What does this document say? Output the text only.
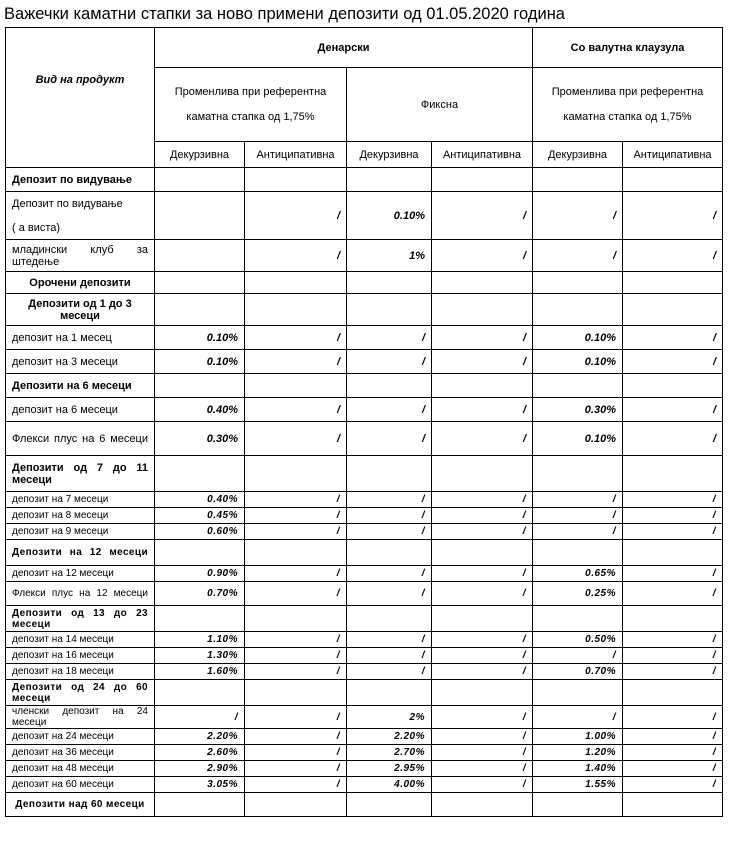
Важечки каматни стапки за ново примени депозити од 01.05.2020 година
Вид на продукт	Денарски				Со валутна клаузула	
	Променлива при референтна каматна стапка од 1,75%		Фиксна		Променлива при референтна каматна стапка од 1,75%	
	Декурзивна	Антиципативна	Декурзивна	Антиципативна	Декурзивна	Антиципативна
Депозит по видување						
Депозит по видување

( а виста)		/	0.10%	/	/	/
младински клуб за штедење		/	1%	/	/	/
Орочени депозити						
Депозити од 1 до 3 месеци						
депозит на 1 месец	0.10%	/	/	/	0.10%	/
депозит на 3 месеци	0.10%	/	/	/	0.10%	/
Депозити на 6 месеци						
депозит на 6 месеци	0.40%	/	/	/	0.30%	/
Флекси плус на 6 месеци	0.30%	/	/	/	0.10%	/
Депозити од 7 до 11 месеци						
депозит на 7 месеци	0.40%	/	/	/	/	/
депозит на 8 месеци	0.45%	/	/	/	/	/
депозит на 9 месеци	0.60%	/	/	/	/	/
Депозити на 12 месеци						
депозит на 12 месеци	0.90%	/	/	/	0.65%	/
Флекси плус на 12 месеци	0.70%	/	/	/	0.25%	/
Депозити од 13 до 23 месеци						
депозит на 14 месеци	1.10%	/	/	/	0.50%	/
депозит на 16 месеци	1.30%	/	/	/	/	/
депозит на 18 месеци	1.60%	/	/	/	0.70%	/
Депозити од 24 до 60 месеци						
членски депозит на 24 месеци	/	/	2%	/	/	/
депозит на 24 месеци	2.20%	/	2.20%	/	1.00%	/
депозит на 36 месеци	2.60%	/	2.70%	/	1.20%	/
депозит на 48 месеци	2.90%	/	2.95%	/	1.40%	/
депозит на 60 месеци	3.05%	/	4.00%	/	1.55%	/
Депозити над 60 месеци						
